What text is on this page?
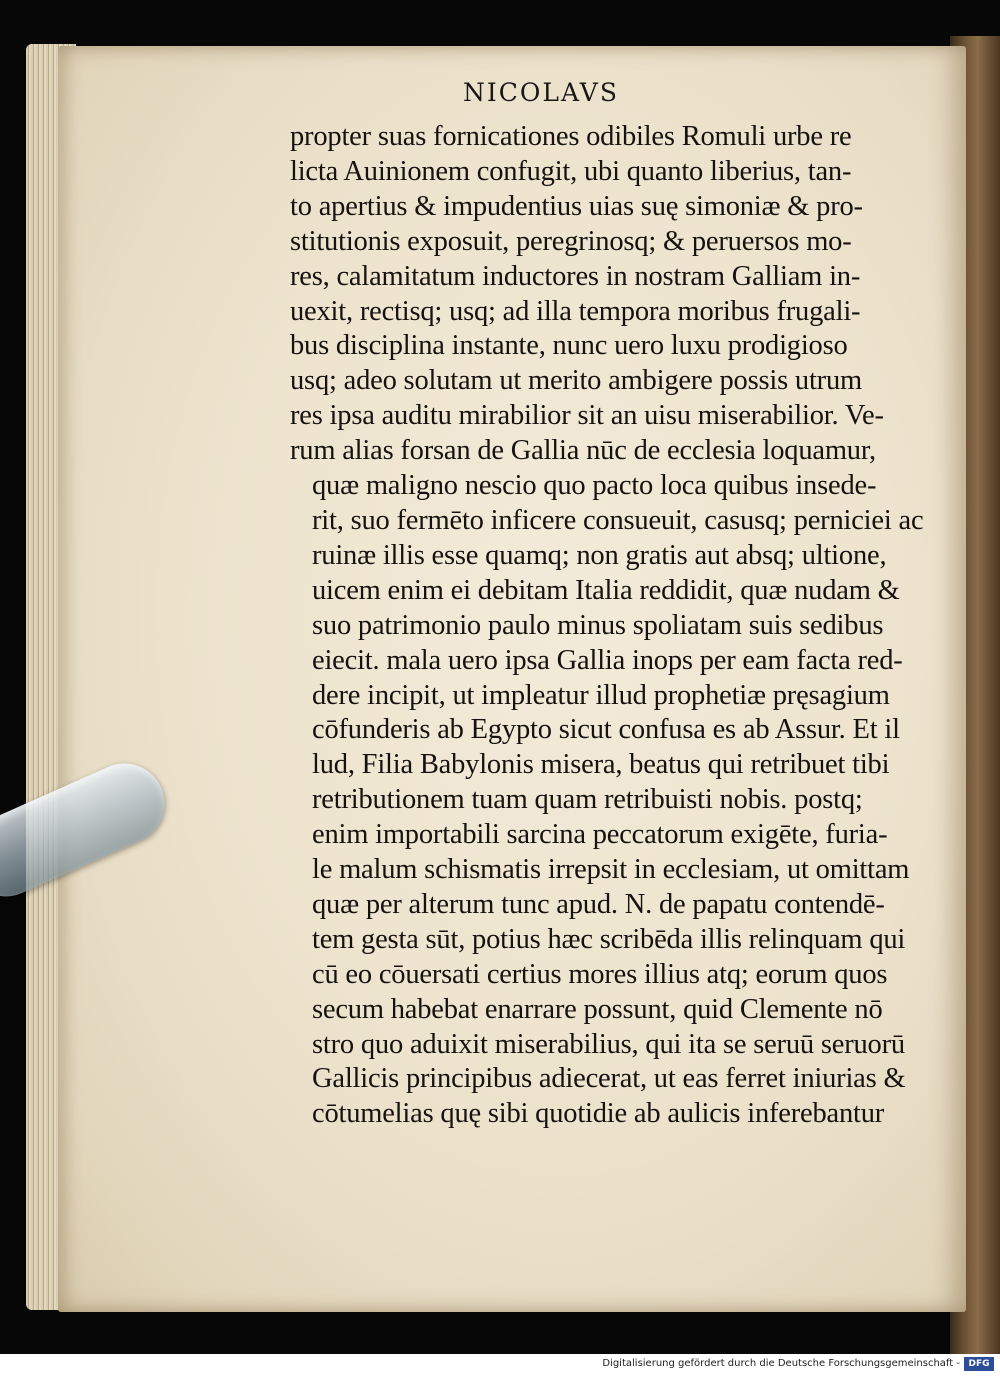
NICOLAVS
propter suas fornicationes odibiles Romuli urbe re
licta Auinionem confugit, ubi quanto liberius, tan-
to apertius & impudentius uias suę simoniæ & pro-
stitutionis exposuit, peregrinosq; & peruersos mo-
res, calamitatum inductores in nostram Galliam in-
uexit, rectisq; usq; ad illa tempora moribus frugali-
bus disciplina instante, nunc uero luxu prodigioso
usq; adeo solutam ut merito ambigere possis utrum
res ipsa auditu mirabilior sit an uisu miserabilior. Ve-
rum alias forsan de Gallia nūc de ecclesia loquamur,
quæ maligno nescio quo pacto loca quibus insede-
rit, suo fermēto inficere consueuit, casusq; perniciei ac
ruinæ illis esse quamq; non gratis aut absq; ultione,
uicem enim ei debitam Italia reddidit, quæ nudam &
suo patrimonio paulo minus spoliatam suis sedibus
eiecit. mala uero ipsa Gallia inops per eam facta red-
dere incipit, ut impleatur illud prophetiæ pręsagium
cōfunderis ab Egypto sicut confusa es ab Assur. Et il
lud, Filia Babylonis misera, beatus qui retribuet tibi
retributionem tuam quam retribuisti nobis. postq;
enim importabili sarcina peccatorum exigēte, furia-
le malum schismatis irrepsit in ecclesiam, ut omittam
quæ per alterum tunc apud. N. de papatu contendē-
tem gesta sūt, potius hæc scribēda illis relinquam qui
cū eo cōuersati certius mores illius atq; eorum quos
secum habebat enarrare possunt, quid Clemente nō
stro quo aduixit miserabilius, qui ita se seruū seruorū
Gallicis principibus adiecerat, ut eas ferret iniurias &
cōtumelias quę sibi quotidie ab aulicis inferebantur
Digitalisierung gefördert durch die Deutsche Forschungsgemeinschaft - DFG
